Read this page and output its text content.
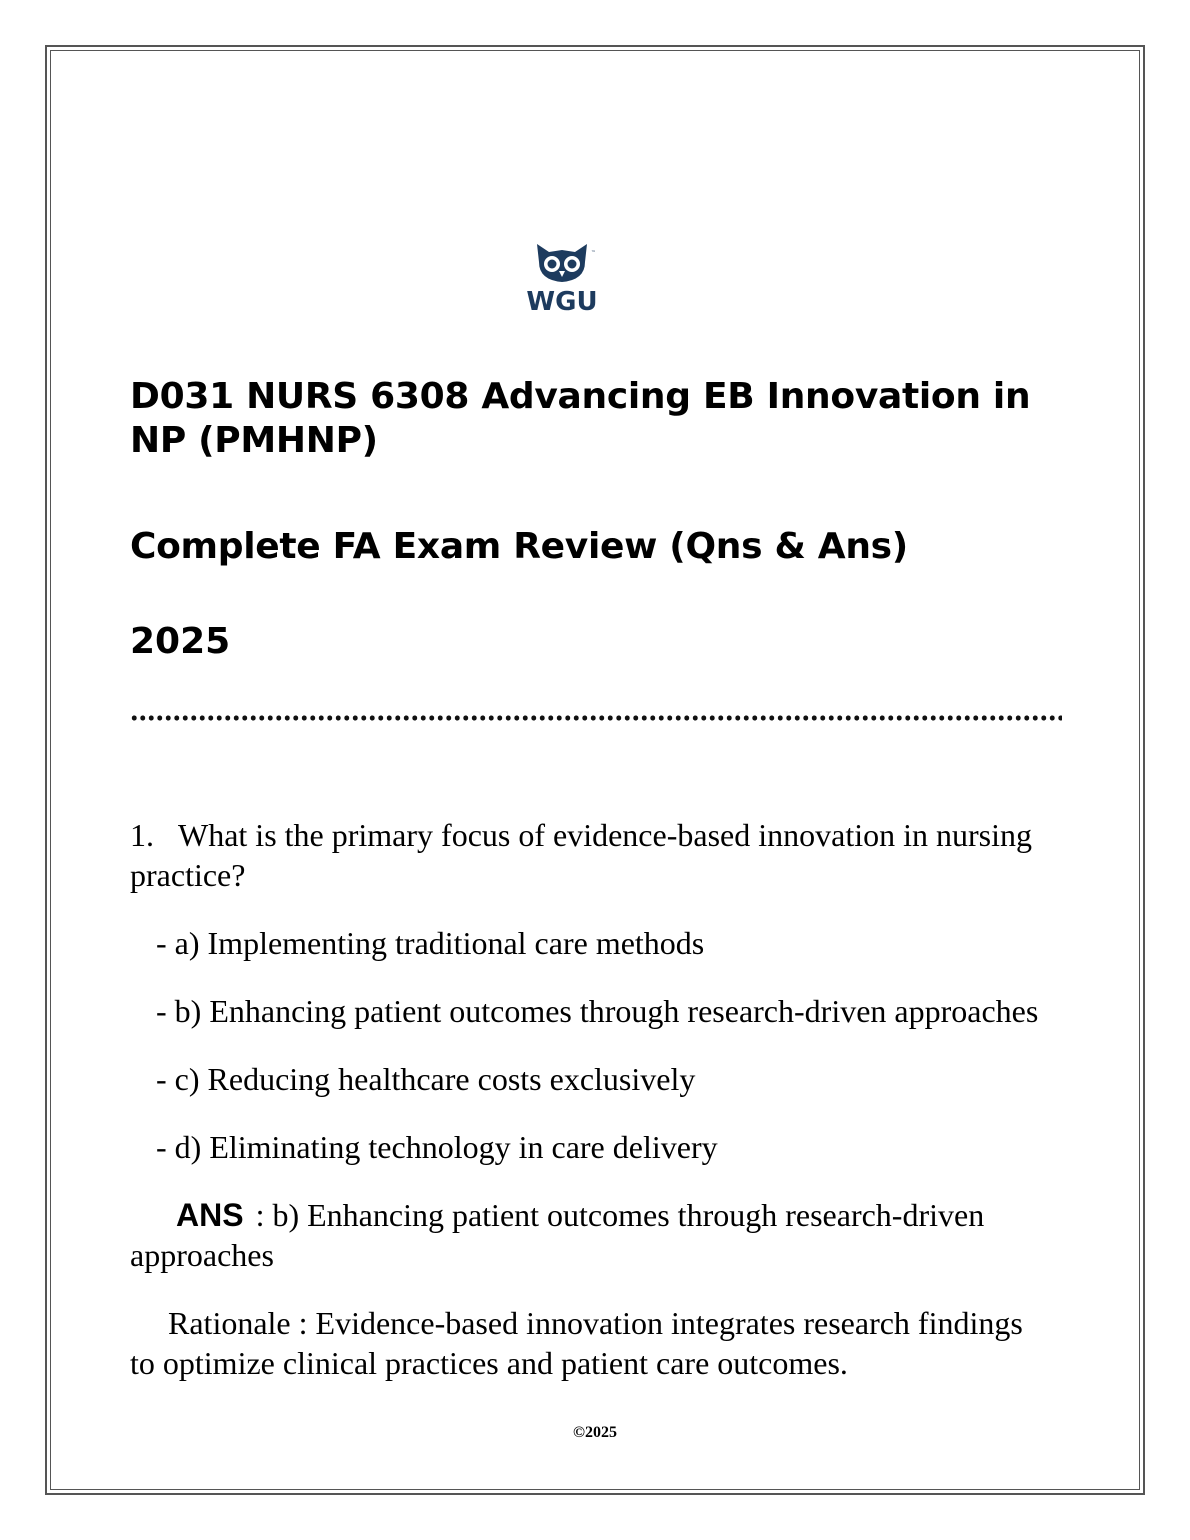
™
WGU

D031 NURS 6308 Advancing EB Innovation in NP (PMHNP)

Complete FA Exam Review (Qns & Ans)

2025

1. What is the primary focus of evidence-based innovation in nursing practice?

- a) Implementing traditional care methods

- b) Enhancing patient outcomes through research-driven approaches

- c) Reducing healthcare costs exclusively

- d) Eliminating technology in care delivery

ANS : b) Enhancing patient outcomes through research-driven approaches

Rationale : Evidence-based innovation integrates research findings to optimize clinical practices and patient care outcomes.

©2025
